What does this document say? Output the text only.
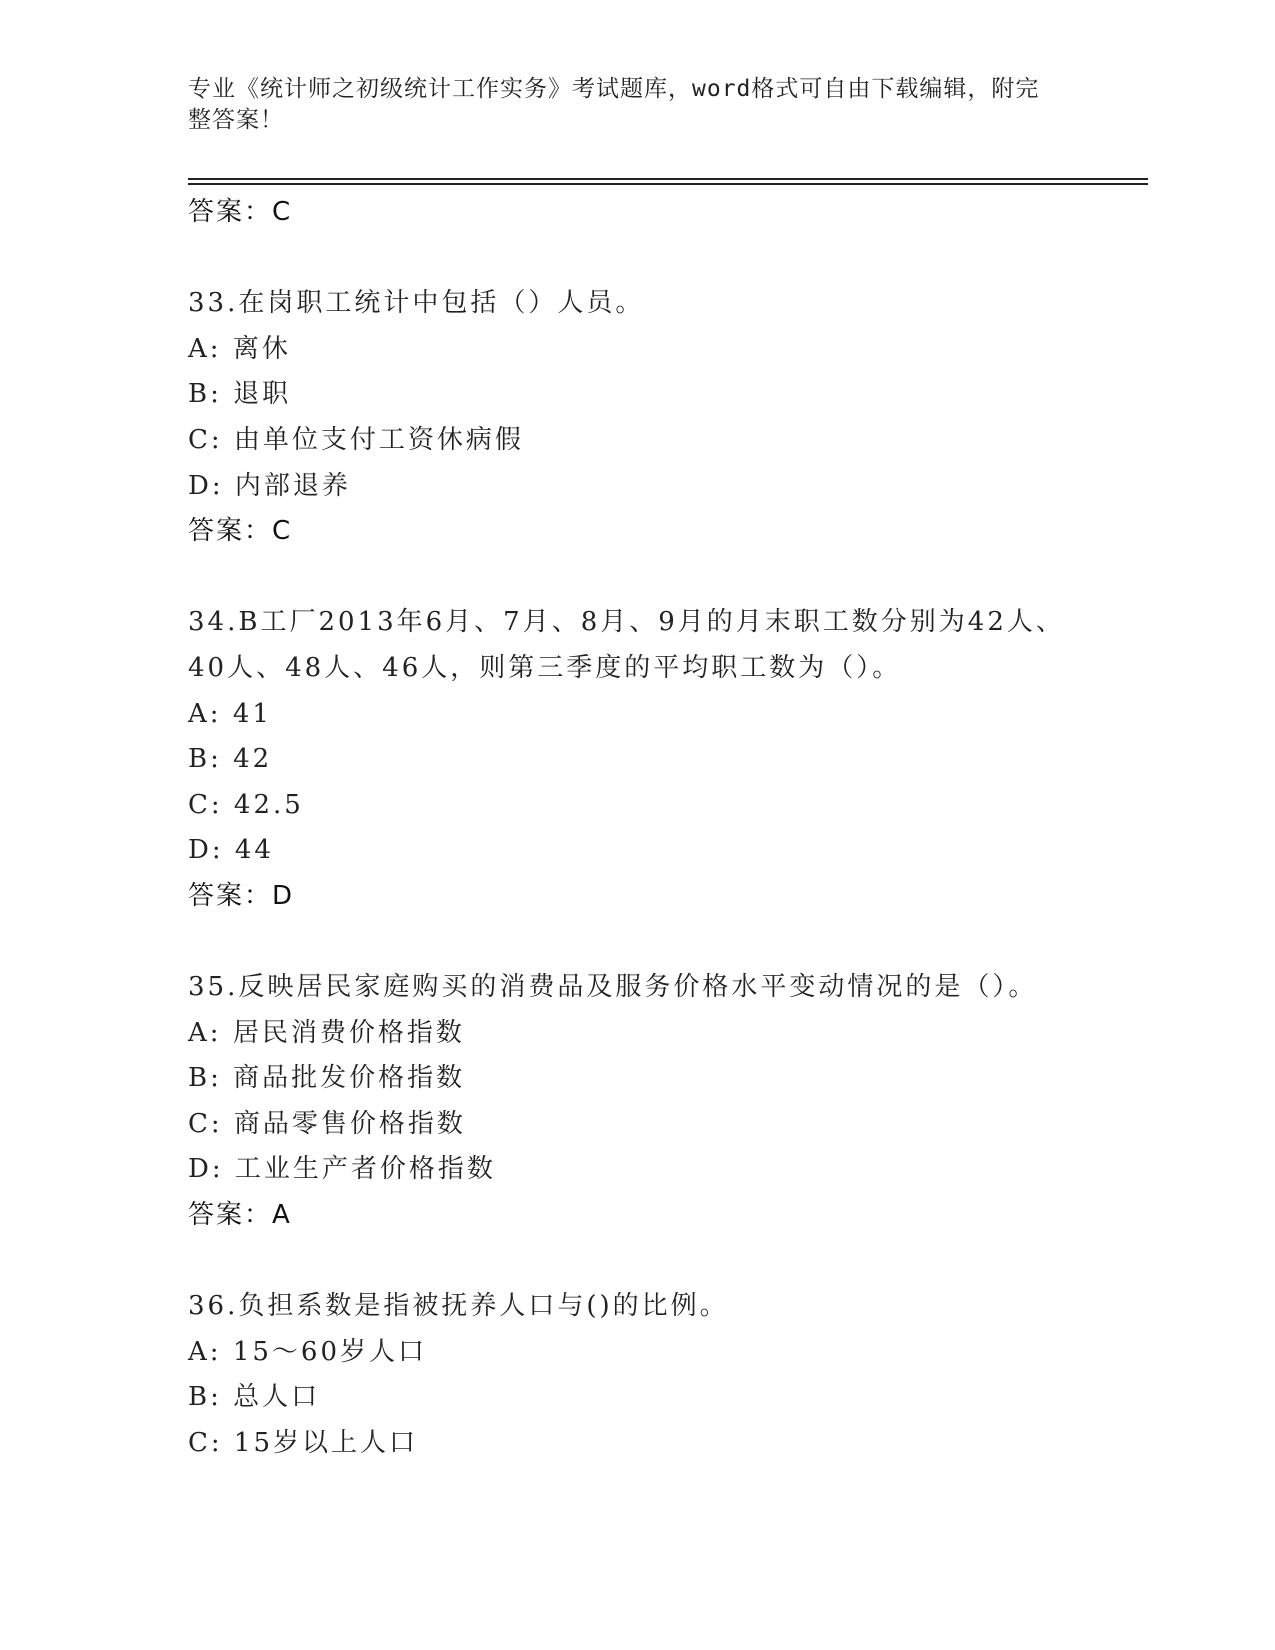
专业《统计师之初级统计工作实务》考试题库，word格式可自由下载编辑，附完
整答案！
答案：C
33.在岗职工统计中包括（）人员。
A: 离休
B: 退职
C: 由单位支付工资休病假
D: 内部退养
答案：C
34.B工厂2013年6月、7月、8月、9月的月末职工数分别为42人、
40人、48人、46人，则第三季度的平均职工数为（）。
A: 41
B: 42
C: 42.5
D: 44
答案：D
35.反映居民家庭购买的消费品及服务价格水平变动情况的是（）。
A: 居民消费价格指数
B: 商品批发价格指数
C: 商品零售价格指数
D: 工业生产者价格指数
答案：A
36.负担系数是指被抚养人口与()的比例。
A: 15～60岁人口
B: 总人口
C: 15岁以上人口
